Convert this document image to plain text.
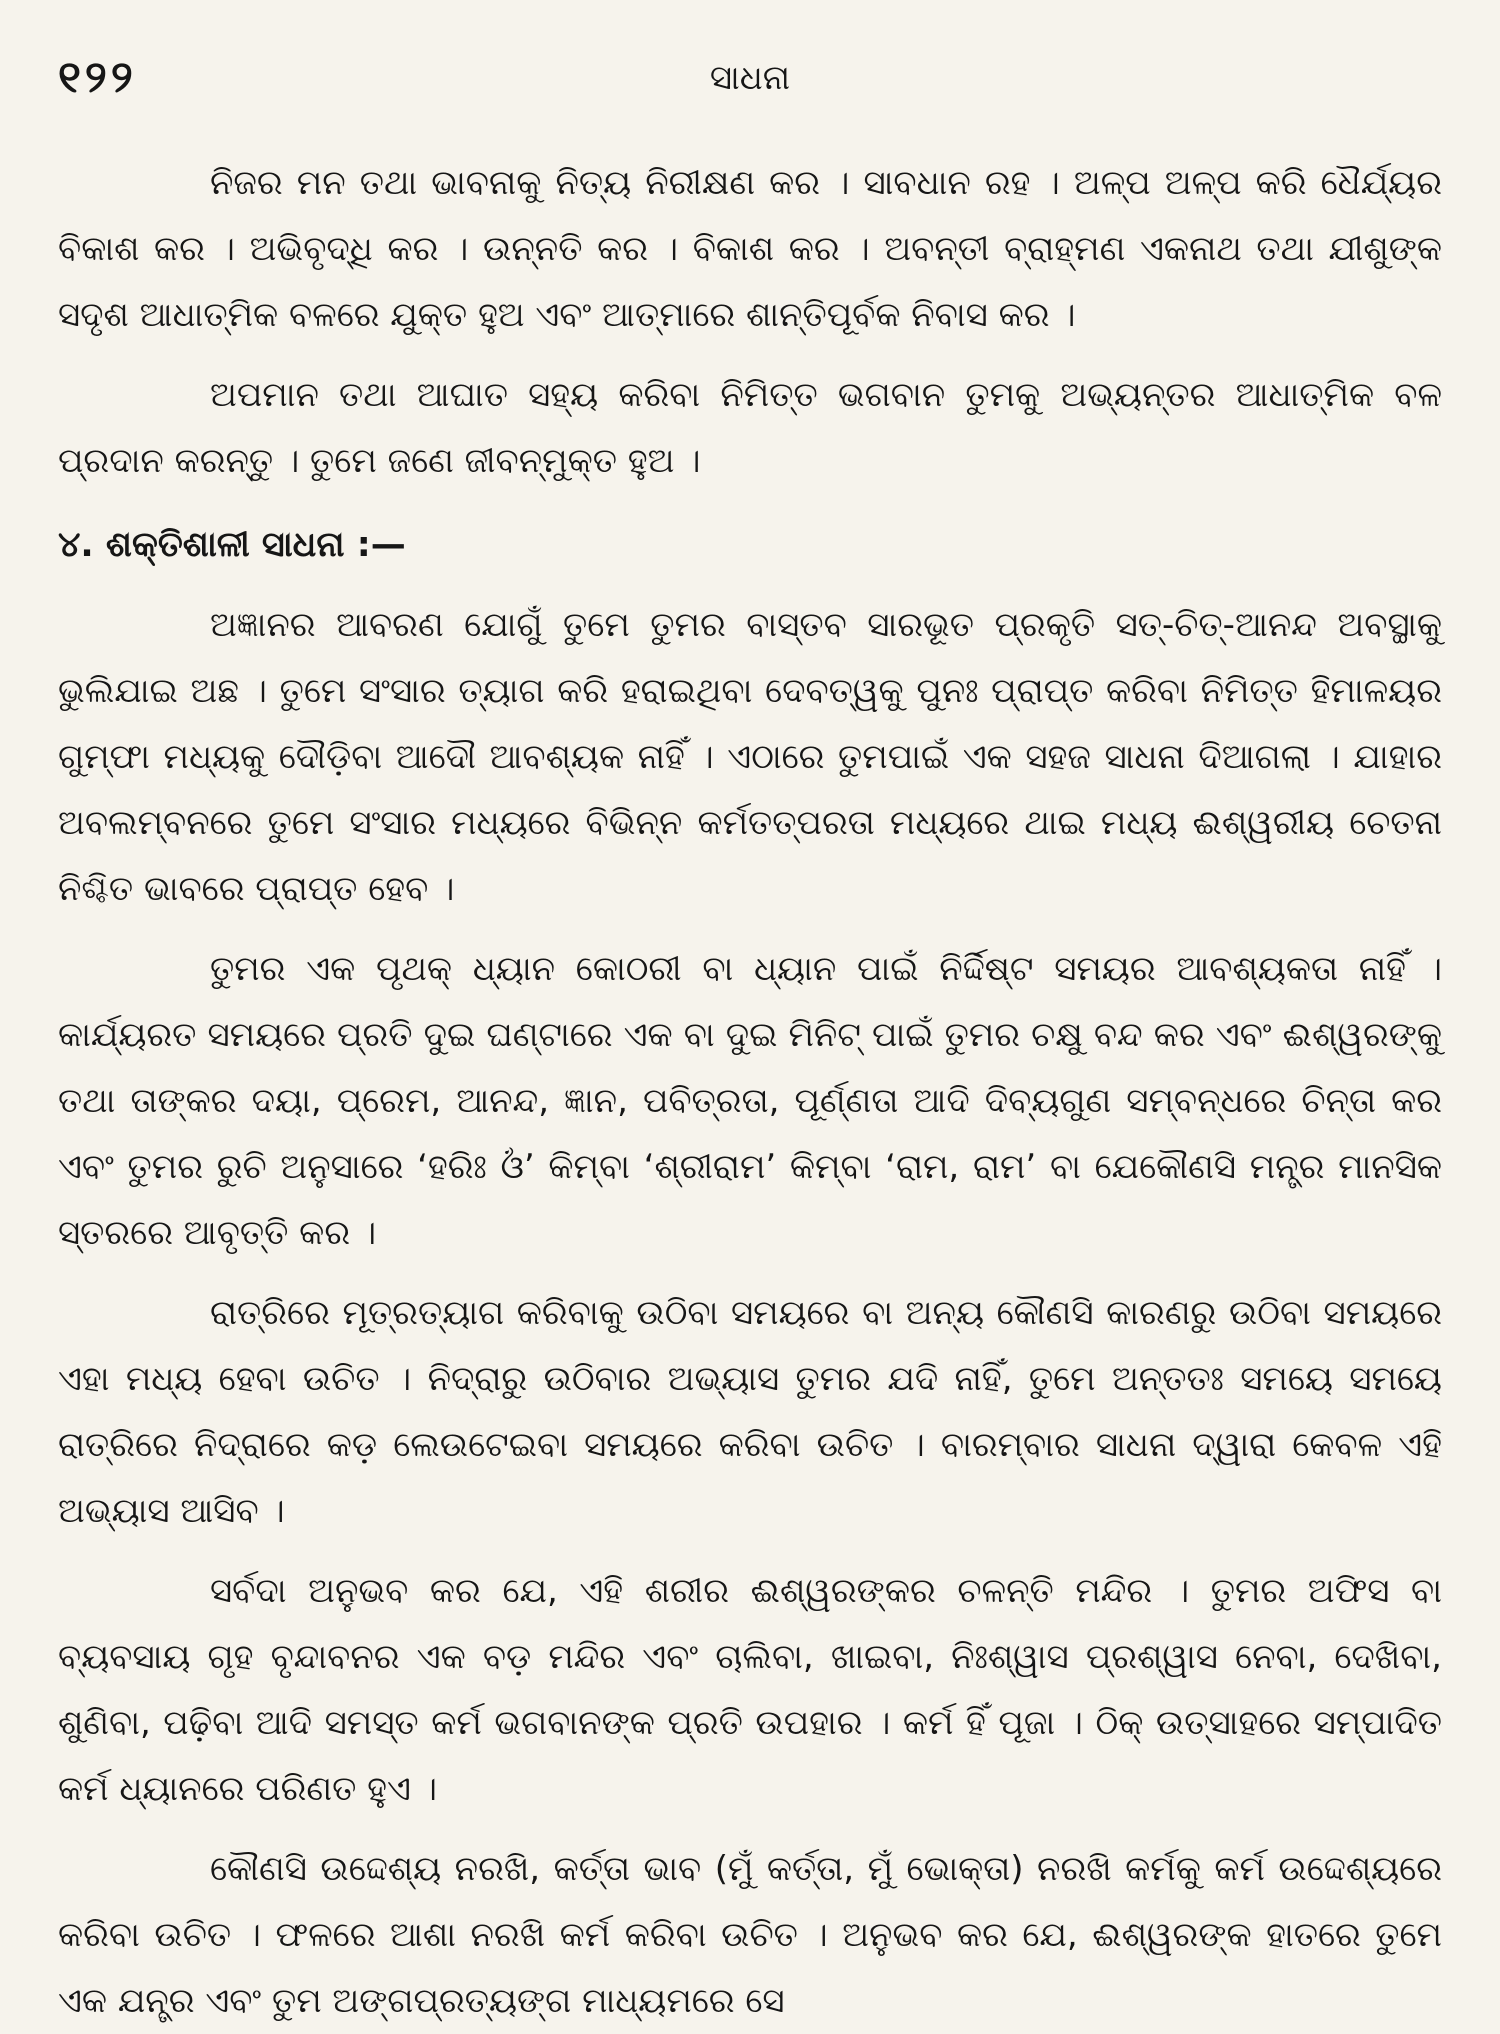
୧୨୨	ସାଧନା

ନିଜର ମନ ତଥା ଭାବନାକୁ ନିତ୍ୟ ନିରୀକ୍ଷଣ କର । ସାବଧାନ ରହ । ଅଳ୍ପ ଅଳ୍ପ କରି ଧୈର୍ଯ୍ୟର ବିକାଶ କର । ଅଭିବୃଦ୍ଧି କର । ଉନ୍ନତି କର । ବିକାଶ କର । ଅବନ୍ତୀ ବ୍ରାହ୍ମଣ ଏକନାଥ ତଥା ଯୀଶୁଙ୍କ ସଦୃଶ ଆଧାତ୍ମିକ ବଳରେ ଯୁକ୍ତ ହୁଅ ଏବଂ ଆତ୍ମାରେ ଶାନ୍ତିପୂର୍ବକ ନିବାସ କର ।

ଅପମାନ ତଥା ଆଘାତ ସହ୍ୟ କରିବା ନିମିତ୍ତ ଭଗବାନ ତୁମକୁ ଅଭ୍ୟନ୍ତର ଆଧାତ୍ମିକ ବଳ ପ୍ରଦାନ କରନ୍ତୁ । ତୁମେ ଜଣେ ଜୀବନ୍ମୁକ୍ତ ହୁଅ ।

୪. ଶକ୍ତିଶାଳୀ ସାଧନା :—

ଅଜ୍ଞାନର ଆବରଣ ଯୋଗୁଁ ତୁମେ ତୁମର ବାସ୍ତବ ସାରଭୂତ ପ୍ରକୃତି ସତ୍-ଚିତ୍-ଆନନ୍ଦ ଅବସ୍ଥାକୁ ଭୁଲିଯାଇ ଅଛ । ତୁମେ ସଂସାର ତ୍ୟାଗ କରି ହରାଇଥିବା ଦେବତ୍ୱକୁ ପୁନଃ ପ୍ରାପ୍ତ କରିବା ନିମିତ୍ତ ହିମାଳୟର ଗୁମ୍ଫା ମଧ୍ୟକୁ ଦୌଡ଼ିବା ଆଦୌ ଆବଶ୍ୟକ ନାହିଁ । ଏଠାରେ ତୁମପାଇଁ ଏକ ସହଜ ସାଧନା ଦିଆଗଲା । ଯାହାର ଅବଲମ୍ବନରେ ତୁମେ ସଂସାର ମଧ୍ୟରେ ବିଭିନ୍ନ କର୍ମତତ୍ପରତା ମଧ୍ୟରେ ଥାଇ ମଧ୍ୟ ଈଶ୍ୱରୀୟ ଚେତନା ନିଶ୍ଚିତ ଭାବରେ ପ୍ରାପ୍ତ ହେବ ।

ତୁମର ଏକ ପୃଥକ୍ ଧ୍ୟାନ କୋଠରୀ ବା ଧ୍ୟାନ ପାଇଁ ନିର୍ଦ୍ଦିଷ୍ଟ ସମୟର ଆବଶ୍ୟକତା ନାହିଁ । କାର୍ଯ୍ୟରତ ସମୟରେ ପ୍ରତି ଦୁଇ ଘଣ୍ଟାରେ ଏକ ବା ଦୁଇ ମିନିଟ୍ ପାଇଁ ତୁମର ଚକ୍ଷୁ ବନ୍ଦ କର ଏବଂ ଈଶ୍ୱରଙ୍କୁ ତଥା ତାଙ୍କର ଦୟା, ପ୍ରେମ, ଆନନ୍ଦ, ଜ୍ଞାନ, ପବିତ୍ରତା, ପୂର୍ଣ୍ଣତା ଆଦି ଦିବ୍ୟଗୁଣ ସମ୍ବନ୍ଧରେ ଚିନ୍ତା କର ଏବଂ ତୁମର ରୁଚି ଅନୁସାରେ ‘ହରିଃ ଓଁ’ କିମ୍ବା ‘ଶ୍ରୀରାମ’ କିମ୍ବା ‘ରାମ, ରାମ’ ବା ଯେକୌଣସି ମନ୍ତ୍ର ମାନସିକ ସ୍ତରରେ ଆବୃତ୍ତି କର ।

ରାତ୍ରିରେ ମୂତ୍ରତ୍ୟାଗ କରିବାକୁ ଉଠିବା ସମୟରେ ବା ଅନ୍ୟ କୌଣସି କାରଣରୁ ଉଠିବା ସମୟରେ ଏହା ମଧ୍ୟ ହେବା ଉଚିତ । ନିଦ୍ରାରୁ ଉଠିବାର ଅଭ୍ୟାସ ତୁମର ଯଦି ନାହିଁ, ତୁମେ ଅନ୍ତତଃ ସମୟେ ସମୟେ ରାତ୍ରିରେ ନିଦ୍ରାରେ କଡ଼ ଲେଉଟେଇବା ସମୟରେ କରିବା ଉଚିତ । ବାରମ୍ବାର ସାଧନା ଦ୍ୱାରା କେବଳ ଏହି ଅଭ୍ୟାସ ଆସିବ ।

ସର୍ବଦା ଅନୁଭବ କର ଯେ, ଏହି ଶରୀର ଈଶ୍ୱରଙ୍କର ଚଳନ୍ତି ମନ୍ଦିର । ତୁମର ଅଫିସ ବା ବ୍ୟବସାୟ ଗୃହ ବୃନ୍ଦାବନର ଏକ ବଡ଼ ମନ୍ଦିର ଏବଂ ଚାଲିବା, ଖାଇବା, ନିଃଶ୍ୱାସ ପ୍ରଶ୍ୱାସ ନେବା, ଦେଖିବା, ଶୁଣିବା, ପଢ଼ିବା ଆଦି ସମସ୍ତ କର୍ମ ଭଗବାନଙ୍କ ପ୍ରତି ଉପହାର । କର୍ମ ହିଁ ପୂଜା । ଠିକ୍ ଉତ୍ସାହରେ ସମ୍ପାଦିତ କର୍ମ ଧ୍ୟାନରେ ପରିଣତ ହୁଏ ।

କୌଣସି ଉଦ୍ଦେଶ୍ୟ ନରଖି, କର୍ତ୍ତା ଭାବ (ମୁଁ କର୍ତ୍ତା, ମୁଁ ଭୋକ୍ତା) ନରଖି କର୍ମକୁ କର୍ମ ଉଦ୍ଦେଶ୍ୟରେ କରିବା ଉଚିତ । ଫଳରେ ଆଶା ନରଖି କର୍ମ କରିବା ଉଚିତ । ଅନୁଭବ କର ଯେ, ଈଶ୍ୱରଙ୍କ ହାତରେ ତୁମେ ଏକ ଯନ୍ତ୍ର ଏବଂ ତୁମ ଅଙ୍ଗପ୍ରତ୍ୟଙ୍ଗ ମାଧ୍ୟମରେ ସେ
